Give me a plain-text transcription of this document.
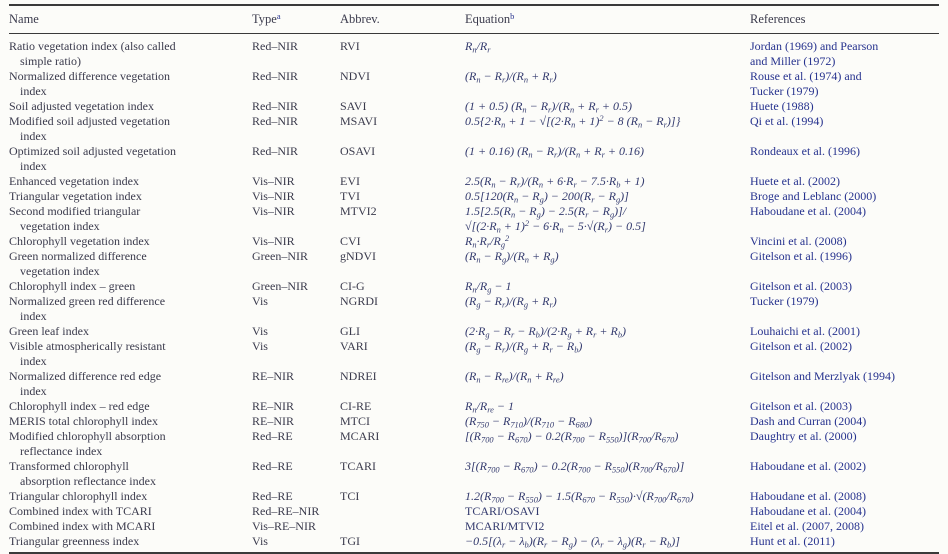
Name	Type$^a$	Abbrev.	Equation$^b$	References
Ratio vegetation index (also called
simple ratio)	Red–NIR	RVI	$R_n/R_r$	Jordan (1969) and Pearson
and Miller (1972)
Normalized difference vegetation
index	Red–NIR	NDVI	$(R_n - R_r)/(R_n + R_r)$	Rouse et al. (1974) and
Tucker (1979)
Soil adjusted vegetation index	Red–NIR	SAVI	(1 + 0.5) $(R_n - R_r)/(R_n + R_r + 0.5)$	Huete (1988)
Modified soil adjusted vegetation
index	Red–NIR	MSAVI	$0.5\{2\cdot R_n + 1 - √[(2\cdot R_n + 1)^2 - 8$ $(R_n - R_r)$]}	Qi et al. (1994)
Optimized soil adjusted vegetation
index	Red–NIR	OSAVI	(1 + 0.16) $(R_n - R_r)/(R_n + R_r + 0.16)$	Rondeaux et al. (1996)
Enhanced vegetation index	Vis–NIR	EVI	$2.5(R_n - R_r)/(R_n + 6\cdot R_r - 7.5\cdot R_b + 1)$	Huete et al. (2002)
Triangular vegetation index	Vis–NIR	TVI	$0.5[120(R_n - R_g) - 200(R_r - R_g)]$	Broge and Leblanc (2000)
Second modified triangular
vegetation index	Vis–NIR	MTVI2	$1.5[2.5(R_n - R_g) - 2.5(R_r - R_g)]/$
$√[(2\cdot R_n + 1)^2 - 6\cdot R_n - 5\cdot√(R_r) - 0.5]$	Haboudane et al. (2004)
Chlorophyll vegetation index	Vis–NIR	CVI	$R_n\cdot R_r/R_g^2$	Vincini et al. (2008)
Green normalized difference
vegetation index	Green–NIR	gNDVI	$(R_n - R_g)/(R_n + R_g)$	Gitelson et al. (1996)
Chlorophyll index – green	Green–NIR	CI-G	$R_n/R_g - 1$	Gitelson et al. (2003)
Normalized green red difference
index	Vis	NGRDI	$(R_g - R_r)/(R_g + R_r)$	Tucker (1979)
Green leaf index	Vis	GLI	$(2\cdot R_g - R_r - R_b)/(2\cdot R_g + R_r + R_b)$	Louhaichi et al. (2001)
Visible atmospherically resistant
index	Vis	VARI	$(R_g - R_r)/(R_g + R_r - R_b)$	Gitelson et al. (2002)
Normalized difference red edge
index	RE–NIR	NDREI	$(R_n - R_{re})/(R_n + R_{re})$	Gitelson and Merzlyak (1994)
Chlorophyll index – red edge	RE–NIR	CI-RE	$R_n/R_{re} - 1$	Gitelson et al. (2003)
MERIS total chlorophyll index	RE–NIR	MTCI	$(R_{750} - R_{710})/(R_{710} - R_{680})$	Dash and Curran (2004)
Modified chlorophyll absorption
reflectance index	Red–RE	MCARI	$[(R_{700} - R_{670}) - 0.2(R_{700} - R_{550})](R_{700}/R_{670})$	Daughtry et al. (2000)
Transformed chlorophyll
absorption reflectance index	Red–RE	TCARI	$3[(R_{700} - R_{670}) - 0.2(R_{700} - R_{550})(R_{700}/R_{670})]$	Haboudane et al. (2002)
Triangular chlorophyll index	Red–RE	TCI	$1.2(R_{700} - R_{550}) - 1.5(R_{670} - R_{550})\cdot√(R_{700}/R_{670})$	Haboudane et al. (2008)
Combined index with TCARI	Red–RE–NIR		TCARI/OSAVI	Haboudane et al. (2004)
Combined index with MCARI	Vis–RE–NIR		MCARI/MTVI2	Eitel et al. (2007, 2008)
Triangular greenness index	Vis	TGI	$-0.5[(\lambda_r - \lambda_b)(R_r - R_g) - (\lambda_r - \lambda_g)(R_r - R_b)]$	Hunt et al. (2011)
